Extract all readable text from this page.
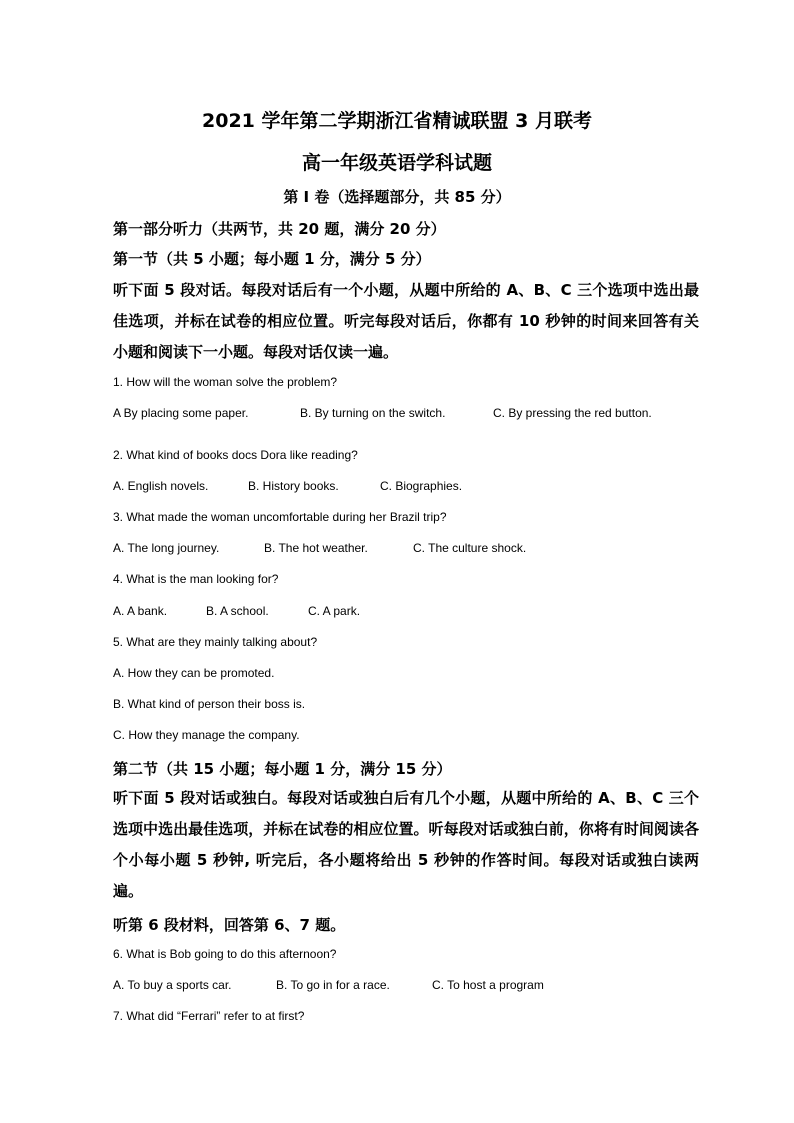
2021 学年第二学期浙江省精诚联盟 3 月联考
高一年级英语学科试题
第 I 卷（选择题部分，共 85 分）
第一部分听力（共两节，共 20 题，满分 20 分）
第一节（共 5 小题；每小题 1 分，满分 5 分）
听下面 5 段对话。每段对话后有一个小题，从题中所给的 A、B、C 三个选项中选出最佳选项，并标在试卷的相应位置。听完每段对话后，你都有 10 秒钟的时间来回答有关小题和阅读下一小题。每段对话仅读一遍。
1. How will the woman solve the problem?
A By placing some paper.	B. By turning on the switch.	C. By pressing the red button.
2. What kind of books docs Dora like reading?
A. English novels.	B. History books.	C. Biographies.
3. What made the woman uncomfortable during her Brazil trip?
A. The long journey.	B. The hot weather.	C. The culture shock.
4. What is the man looking for?
A. A bank.	B. A school.	C. A park.
5. What are they mainly talking about?
A. How they can be promoted.
B. What kind of person their boss is.
C. How they manage the company.
第二节（共 15 小题；每小题 1 分，满分 15 分）
听下面 5 段对话或独白。每段对话或独白后有几个小题，从题中所给的 A、B、C 三个选项中选出最佳选项，并标在试卷的相应位置。听每段对话或独白前，你将有时间阅读各个小每小题 5 秒钟, 听完后，各小题将给出 5 秒钟的作答时间。每段对话或独白读两遍。
听第 6 段材料，回答第 6、7 题。
6. What is Bob going to do this afternoon?
A. To buy a sports car.	B. To go in for a race.	C. To host a program
7. What did “Ferrari” refer to at first?
